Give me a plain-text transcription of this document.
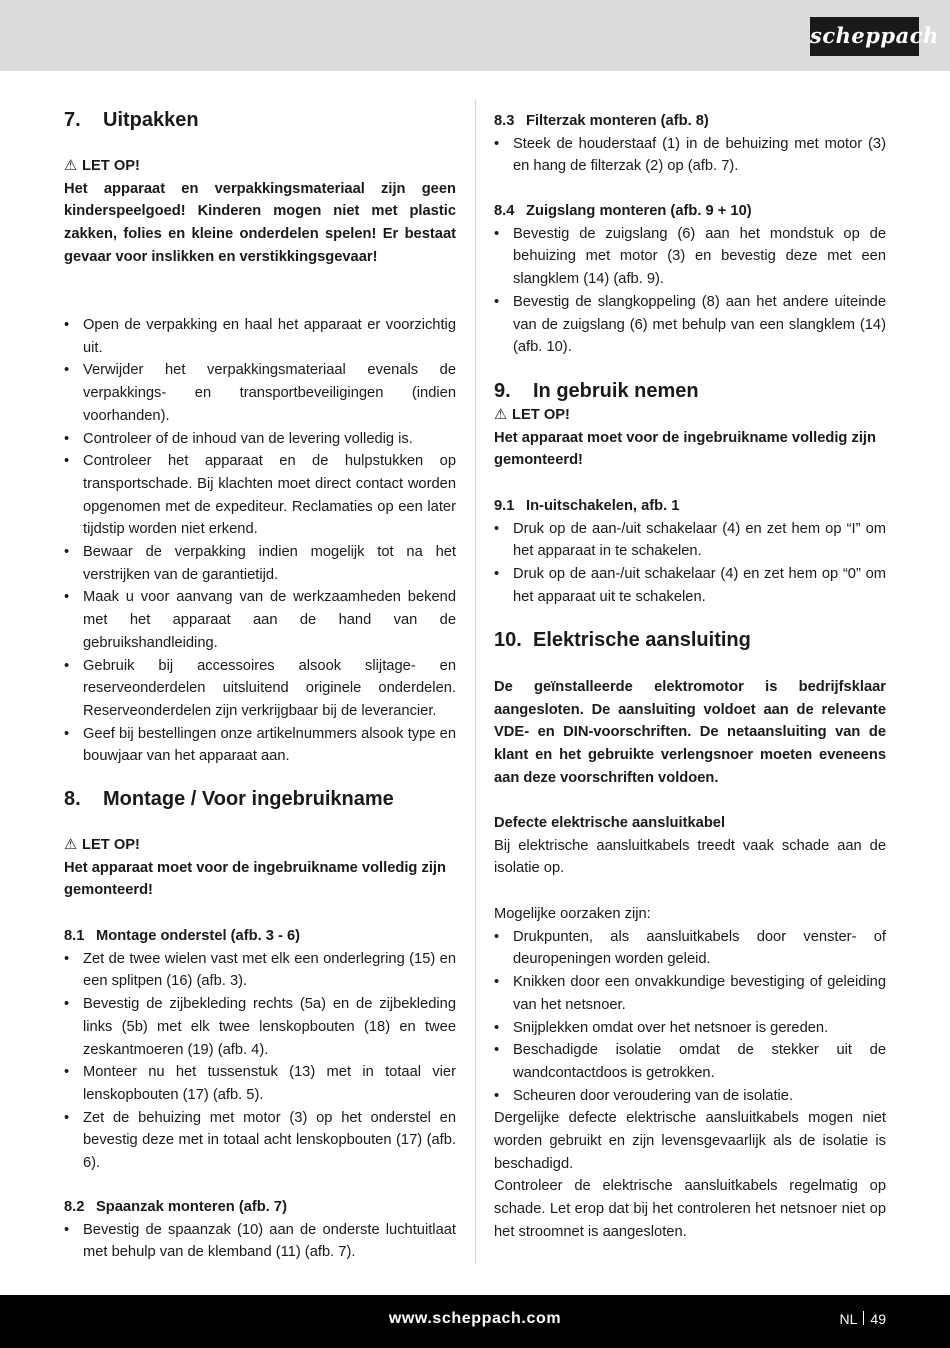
scheppach
7. Uitpakken
⚠ LET OP!
Het apparaat en verpakkingsmateriaal zijn geen kinderspeelgoed! Kinderen mogen niet met plastic zakken, folies en kleine onderdelen spelen! Er bestaat gevaar voor inslikken en verstikkingsgevaar!
• Open de verpakking en haal het apparaat er voorzichtig uit.
• Verwijder het verpakkingsmateriaal evenals de verpakkings- en transportbeveiligingen (indien voorhanden).
• Controleer of de inhoud van de levering volledig is.
• Controleer het apparaat en de hulpstukken op transportschade. Bij klachten moet direct contact worden opgenomen met de expediteur. Reclamaties op een later tijdstip worden niet erkend.
• Bewaar de verpakking indien mogelijk tot na het verstrijken van de garantietijd.
• Maak u voor aanvang van de werkzaamheden bekend met het apparaat aan de hand van de gebruikshandleiding.
• Gebruik bij accessoires alsook slijtage- en reserveonderdelen uitsluitend originele onderdelen. Reserveonderdelen zijn verkrijgbaar bij de leverancier.
• Geef bij bestellingen onze artikelnummers alsook type en bouwjaar van het apparaat aan.
8. Montage / Voor ingebruikname
⚠ LET OP!
Het apparaat moet voor de ingebruikname volledig zijn gemonteerd!
8.1 Montage onderstel (afb. 3 - 6)
• Zet de twee wielen vast met elk een onderlegring (15) en een splitpen (16) (afb. 3).
• Bevestig de zijbekleding rechts (5a) en de zijbekleding links (5b) met elk twee lenskopbouten (18) en twee zeskantmoeren (19) (afb. 4).
• Monteer nu het tussenstuk (13) met in totaal vier lenskopbouten (17) (afb. 5).
• Zet de behuizing met motor (3) op het onderstel en bevestig deze met in totaal acht lenskopbouten (17) (afb. 6).
8.2 Spaanzak monteren (afb. 7)
• Bevestig de spaanzak (10) aan de onderste luchtuitlaat met behulp van de klemband (11) (afb. 7).
8.3 Filterzak monteren (afb. 8)
• Steek de houderstaaf (1) in de behuizing met motor (3) en hang de filterzak (2) op (afb. 7).
8.4 Zuigslang monteren (afb. 9 + 10)
• Bevestig de zuigslang (6) aan het mondstuk op de behuizing met motor (3) en bevestig deze met een slangklem (14) (afb. 9).
• Bevestig de slangkoppeling (8) aan het andere uiteinde van de zuigslang (6) met behulp van een slangklem (14) (afb. 10).
9. In gebruik nemen
⚠ LET OP!
Het apparaat moet voor de ingebruikname volledig zijn gemonteerd!
9.1 In-uitschakelen, afb. 1
• Druk op de aan-/uit schakelaar (4) en zet hem op “I” om het apparaat in te schakelen.
• Druk op de aan-/uit schakelaar (4) en zet hem op “0” om het apparaat uit te schakelen.
10. Elektrische aansluiting
De geïnstalleerde elektromotor is bedrijfsklaar aangesloten. De aansluiting voldoet aan de relevante VDE- en DIN-voorschriften. De netaansluiting van de klant en het gebruikte verlengsnoer moeten eveneens aan deze voorschriften voldoen.
Defecte elektrische aansluitkabel
Bij elektrische aansluitkabels treedt vaak schade aan de isolatie op.
Mogelijke oorzaken zijn:
• Drukpunten, als aansluitkabels door venster- of deuropeningen worden geleid.
• Knikken door een onvakkundige bevestiging of geleiding van het netsnoer.
• Snijplekken omdat over het netsnoer is gereden.
• Beschadigde isolatie omdat de stekker uit de wandcontactdoos is getrokken.
• Scheuren door veroudering van de isolatie.
Dergelijke defecte elektrische aansluitkabels mogen niet worden gebruikt en zijn levensgevaarlijk als de isolatie is beschadigd.
Controleer de elektrische aansluitkabels regelmatig op schade. Let erop dat bij het controleren het netsnoer niet op het stroomnet is aangesloten.
www.scheppach.com	NL 49
